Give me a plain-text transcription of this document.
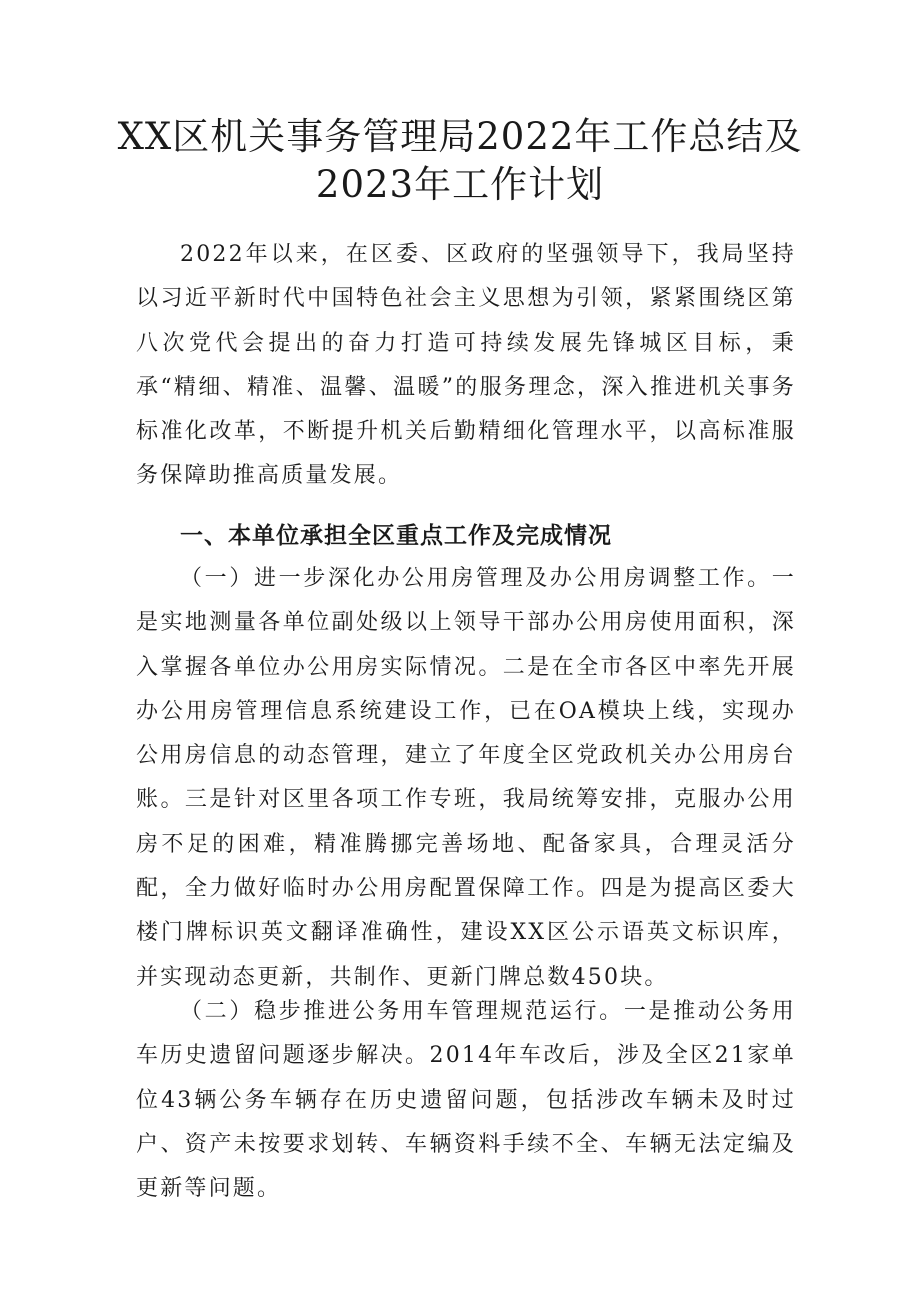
XX区机关事务管理局2022年工作总结及
2023年工作计划

2022年以来，在区委、区政府的坚强领导下，我局坚持以习近平新时代中国特色社会主义思想为引领，紧紧围绕区第八次党代会提出的奋力打造可持续发展先锋城区目标，秉承“精细、精准、温馨、温暖”的服务理念，深入推进机关事务标准化改革，不断提升机关后勤精细化管理水平，以高标准服务保障助推高质量发展。

一、本单位承担全区重点工作及完成情况

（一）进一步深化办公用房管理及办公用房调整工作。一是实地测量各单位副处级以上领导干部办公用房使用面积，深入掌握各单位办公用房实际情况。二是在全市各区中率先开展办公用房管理信息系统建设工作，已在OA模块上线，实现办公用房信息的动态管理，建立了年度全区党政机关办公用房台账。三是针对区里各项工作专班，我局统筹安排，克服办公用房不足的困难，精准腾挪完善场地、配备家具，合理灵活分配，全力做好临时办公用房配置保障工作。四是为提高区委大楼门牌标识英文翻译准确性，建设XX区公示语英文标识库，并实现动态更新，共制作、更新门牌总数450块。

（二）稳步推进公务用车管理规范运行。一是推动公务用车历史遗留问题逐步解决。2014年车改后，涉及全区21家单位43辆公务车辆存在历史遗留问题，包括涉改车辆未及时过户、资产未按要求划转、车辆资料手续不全、车辆无法定编及更新等问题。
